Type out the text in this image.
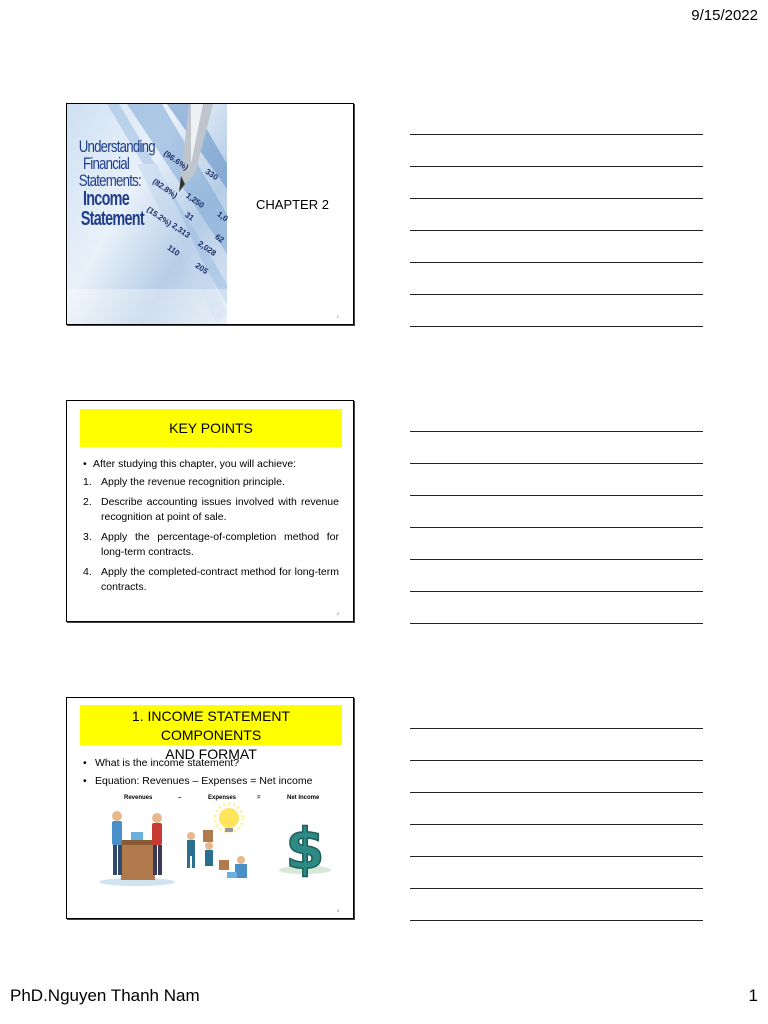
9/15/2022
(96.6%)
(82.8%)
(15.2%)
1,250
31
2,313
110
205
1,0
62
2,028
330
Understanding
Financial
Statements:
Income
Statement
CHAPTER 2
1
KEY POINTS
• After studying this chapter, you will achieve:
1. Apply the revenue recognition principle.
2. Describe accounting issues involved with revenue recognition at point of sale.
3. Apply the percentage-of-completion method for long-term contracts.
4. Apply the completed-contract method for long-term contracts.
2
1. INCOME STATEMENT COMPONENTS
AND FORMAT
• What is the income statement?
• Equation: Revenues – Expenses = Net income
Revenues	–	Expenses	=	Net Income
$
3
PhD.Nguyen Thanh Nam	1
